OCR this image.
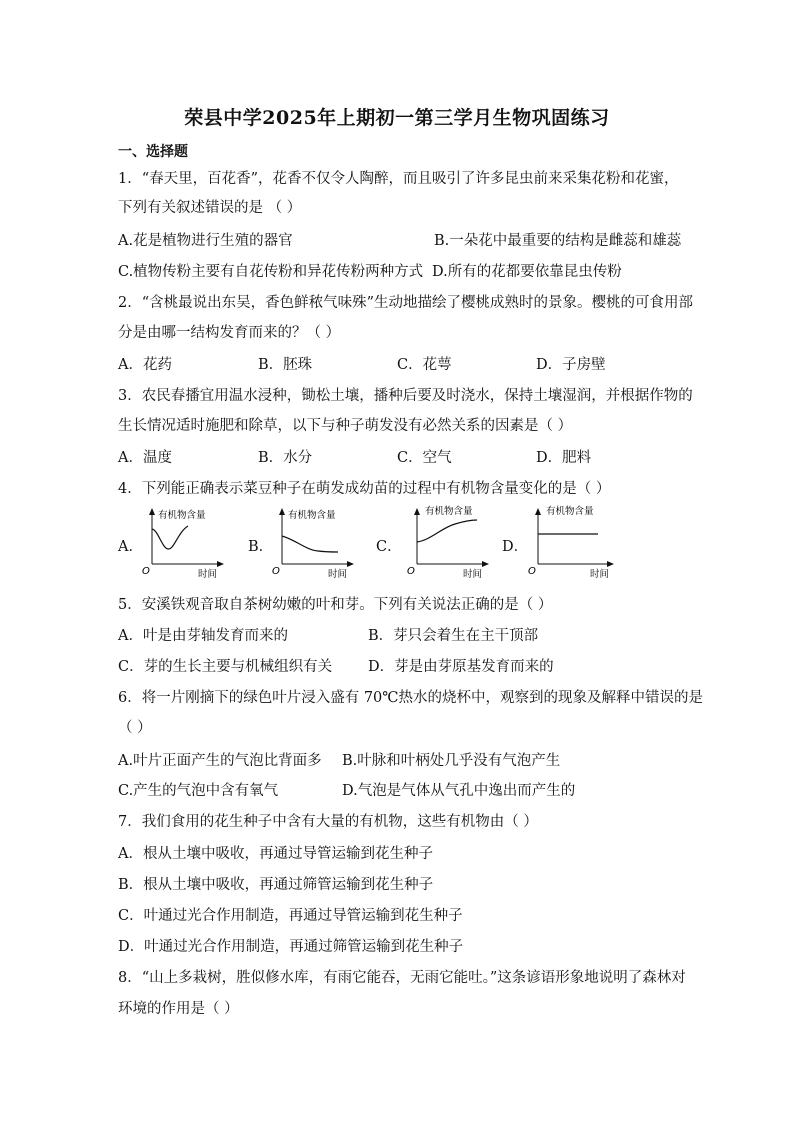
荣县中学2025年上期初一第三学月生物巩固练习
一、选择题
1．“春天里，百花香”，花香不仅令人陶醉，而且吸引了许多昆虫前来采集花粉和花蜜，
下列有关叙述错误的是 （ ）
A.花是植物进行生殖的器官	B.一朵花中最重要的结构是雌蕊和雄蕊
C.植物传粉主要有自花传粉和异花传粉两种方式 D.所有的花都要依靠昆虫传粉
2．“含桃最说出东吴，香色鲜秾气味殊”生动地描绘了樱桃成熟时的景象。樱桃的可食用部
分是由哪一结构发育而来的？（ ）
A．花药	B．胚珠	C．花萼	D．子房壁
3．农民春播宜用温水浸种，锄松土壤，播种后要及时浇水，保持土壤湿润，并根据作物的
生长情况适时施肥和除草，以下与种子萌发没有必然关系的因素是（ ）
A．温度	B．水分	C．空气	D．肥料
4．下列能正确表示菜豆种子在萌发成幼苗的过程中有机物含量变化的是（ ）
A．	B．	C．	D．
有机物含量
时间
O
有机物含量
时间
O
有机物含量
时间
O
有机物含量
时间
O
5．安溪铁观音取自茶树幼嫩的叶和芽。下列有关说法正确的是（ ）
A．叶是由芽轴发育而来的	B．芽只会着生在主干顶部
C．芽的生长主要与机械组织有关 D．芽是由芽原基发育而来的
6．将一片刚摘下的绿色叶片浸入盛有 70℃热水的烧杯中，观察到的现象及解释中错误的是
（ ）
A.叶片正面产生的气泡比背面多 B.叶脉和叶柄处几乎没有气泡产生
C.产生的气泡中含有氧气	D.气泡是气体从气孔中逸出而产生的
7．我们食用的花生种子中含有大量的有机物，这些有机物由（ ）
A．根从土壤中吸收，再通过导管运输到花生种子
B．根从土壤中吸收，再通过筛管运输到花生种子
C．叶通过光合作用制造，再通过导管运输到花生种子
D．叶通过光合作用制造，再通过筛管运输到花生种子
8．“山上多栽树，胜似修水库，有雨它能吞，无雨它能吐。”这条谚语形象地说明了森林对
环境的作用是（ ）
